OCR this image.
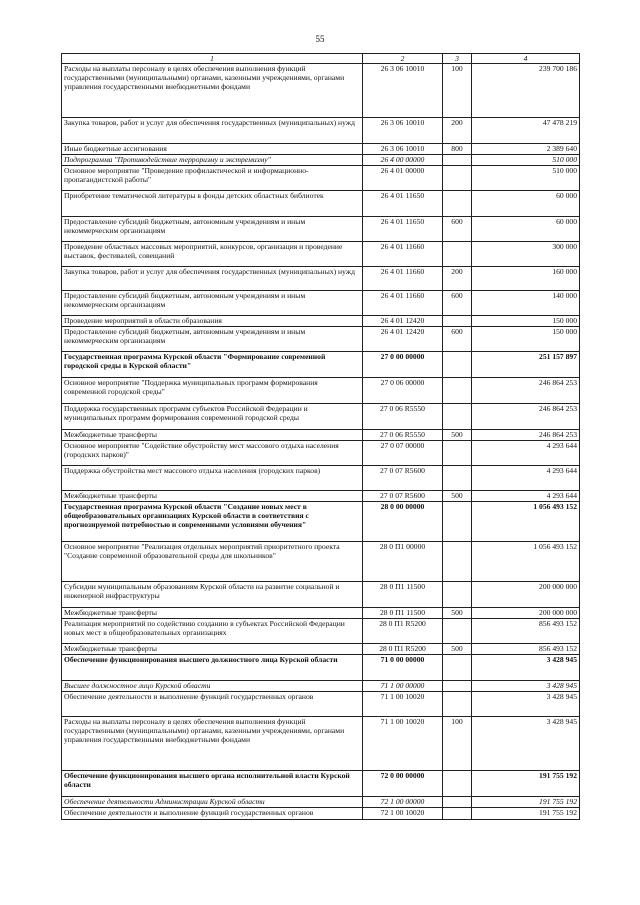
55
1	2	3	4
Расходы на выплаты персоналу в целях обеспечения выполнения функций государственными (муниципальными) органами, казенными учреждениями, органами управления государственными внебюджетными фондами	26 3 06 10010	100	239 700 186
Закупка товаров, работ и услуг для обеспечения государственных (муниципальных) нужд	26 3 06 10010	200	47 478 219
Иные бюджетные ассигнования	26 3 06 10010	800	2 389 640
Подпрограмма "Противодействие терроризму и экстремизму"	26 4 00 00000		510 000
Основное мероприятие "Проведение профилактической и информационно-пропагандистской работы"	26 4 01 00000		510 000
Приобретение тематической литературы в фонды детских областных библиотек	26 4 01 11650		60 000
Предоставление субсидий бюджетным, автономным учреждениям и иным некоммерческим организациям	26 4 01 11650	600	60 000
Проведение областных массовых мероприятий, конкурсов, организация и проведение выставок, фестивалей, совещаний	26 4 01 11660		300 000
Закупка товаров, работ и услуг для обеспечения государственных (муниципальных) нужд	26 4 01 11660	200	160 000
Предоставление субсидий бюджетным, автономным учреждениям и иным некоммерческим организациям	26 4 01 11660	600	140 000
Проведение мероприятий в области образования	26 4 01 12420		150 000
Предоставление субсидий бюджетным, автономным учреждениям и иным некоммерческим организациям	26 4 01 12420	600	150 000
Государственная программа Курской области "Формирование современной городской среды в Курской области"	27 0 00 00000		251 157 897
Основное мероприятие "Поддержка муниципальных программ формирования современной городской среды"	27 0 06 00000		246 864 253
Поддержка государственных программ субъектов Российской Федерации и муниципальных программ формирования современной городской среды	27 0 06 R5550		246 864 253
Межбюджетные трансферты	27 0 06 R5550	500	246 864 253
Основное мероприятие "Содействие обустройству мест массового отдыха населения (городских парков)"	27 0 07 00000		4 293 644
Поддержка обустройства мест массового отдыха населения (городских парков)	27 0 07 R5600		4 293 644
Межбюджетные трансферты	27 0 07 R5600	500	4 293 644
Государственная программа Курской области "Создание новых мест в общеобразовательных организациях Курской области в соответствия с прогнозируемой потребностью и современными условиями обучения"	28 0 00 00000		1 056 493 152
Основное мероприятие "Реализация отдельных мероприятий приоритетного проекта "Создание современной образовательной среды для школьников"	28 0 П1 00000		1 056 493 152
Субсидии муниципальным образованиям Курской области на развитие социальной и инженерной инфраструктуры	28 0 П1 11500		200 000 000
Межбюджетные трансферты	28 0 П1 11500	500	200 000 000
Реализация мероприятий по содействию созданию в субъектах Российской Федерации новых мест в общеобразовательных организациях	28 0 П1 R5200		856 493 152
Межбюджетные трансферты	28 0 П1 R5200	500	856 493 152
Обеспечение функционирования высшего должностного лица Курской области	71 0 00 00000		3 428 945
Высшее должностное лицо Курской области	71 1 00 00000		3 428 945
Обеспечение деятельности и выполнение функций государственных органов	71 1 00 10020		3 428 945
Расходы на выплаты персоналу в целях обеспечения выполнения функций государственными (муниципальными) органами, казенными учреждениями, органами управления государственными внебюджетными фондами	71 1 00 10020	100	3 428 945
Обеспечение функционирования высшего органа исполнительной власти Курской области	72 0 00 00000		191 755 192
Обеспечение деятельности Администрации Курской области	72 1 00 00000		191 755 192
Обеспечение деятельности и выполнение функций государственных органов	72 1 00 10020		191 755 192
